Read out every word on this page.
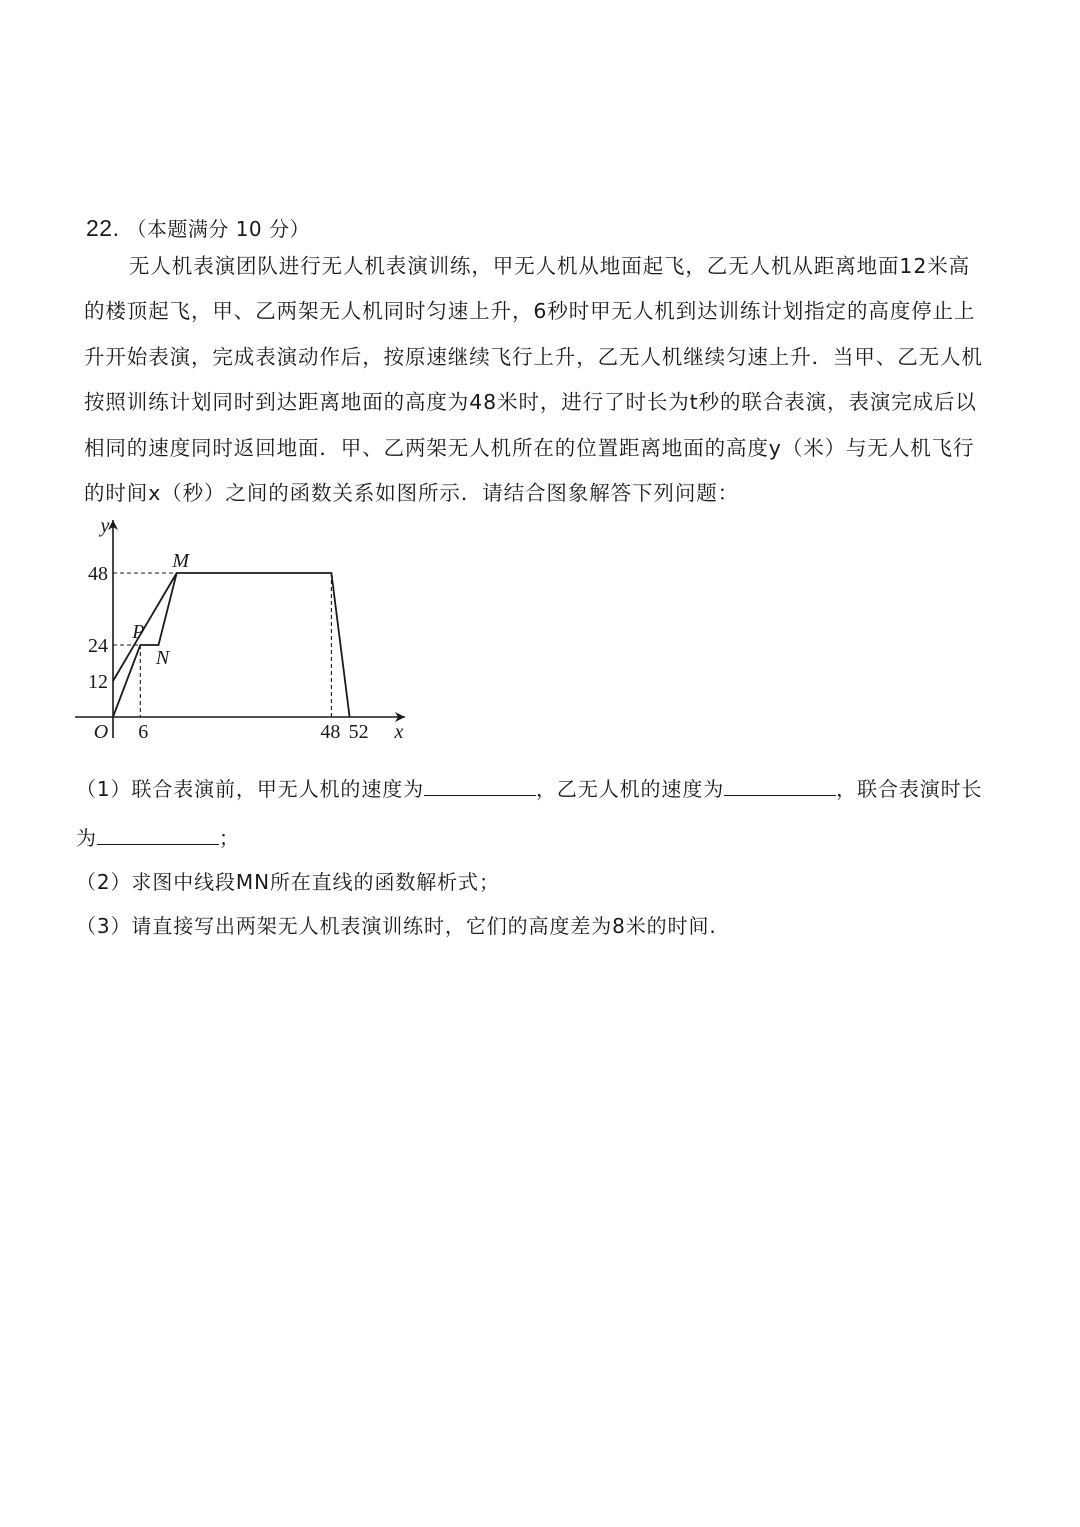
22. （本题满分 10 分）
无人机表演团队进行无人机表演训练，甲无人机从地面起飞，乙无人机从距离地面12米高
的楼顶起飞，甲、乙两架无人机同时匀速上升，6秒时甲无人机到达训练计划指定的高度停止上
升开始表演，完成表演动作后，按原速继续飞行上升，乙无人机继续匀速上升．当甲、乙无人机
按照训练计划同时到达距离地面的高度为48米时，进行了时长为t秒的联合表演，表演完成后以
相同的速度同时返回地面．甲、乙两架无人机所在的位置距离地面的高度y（米）与无人机飞行
的时间x（秒）之间的函数关系如图所示．请结合图象解答下列问题：
12
24
48
6	48 52
O	x
y
P
N
M
（1）联合表演前，甲无人机的速度为	，乙无人机的速度为	，联合表演时长
为	；
（2）求图中线段MN所在直线的函数解析式；
（3）请直接写出两架无人机表演训练时，它们的高度差为8米的时间.
